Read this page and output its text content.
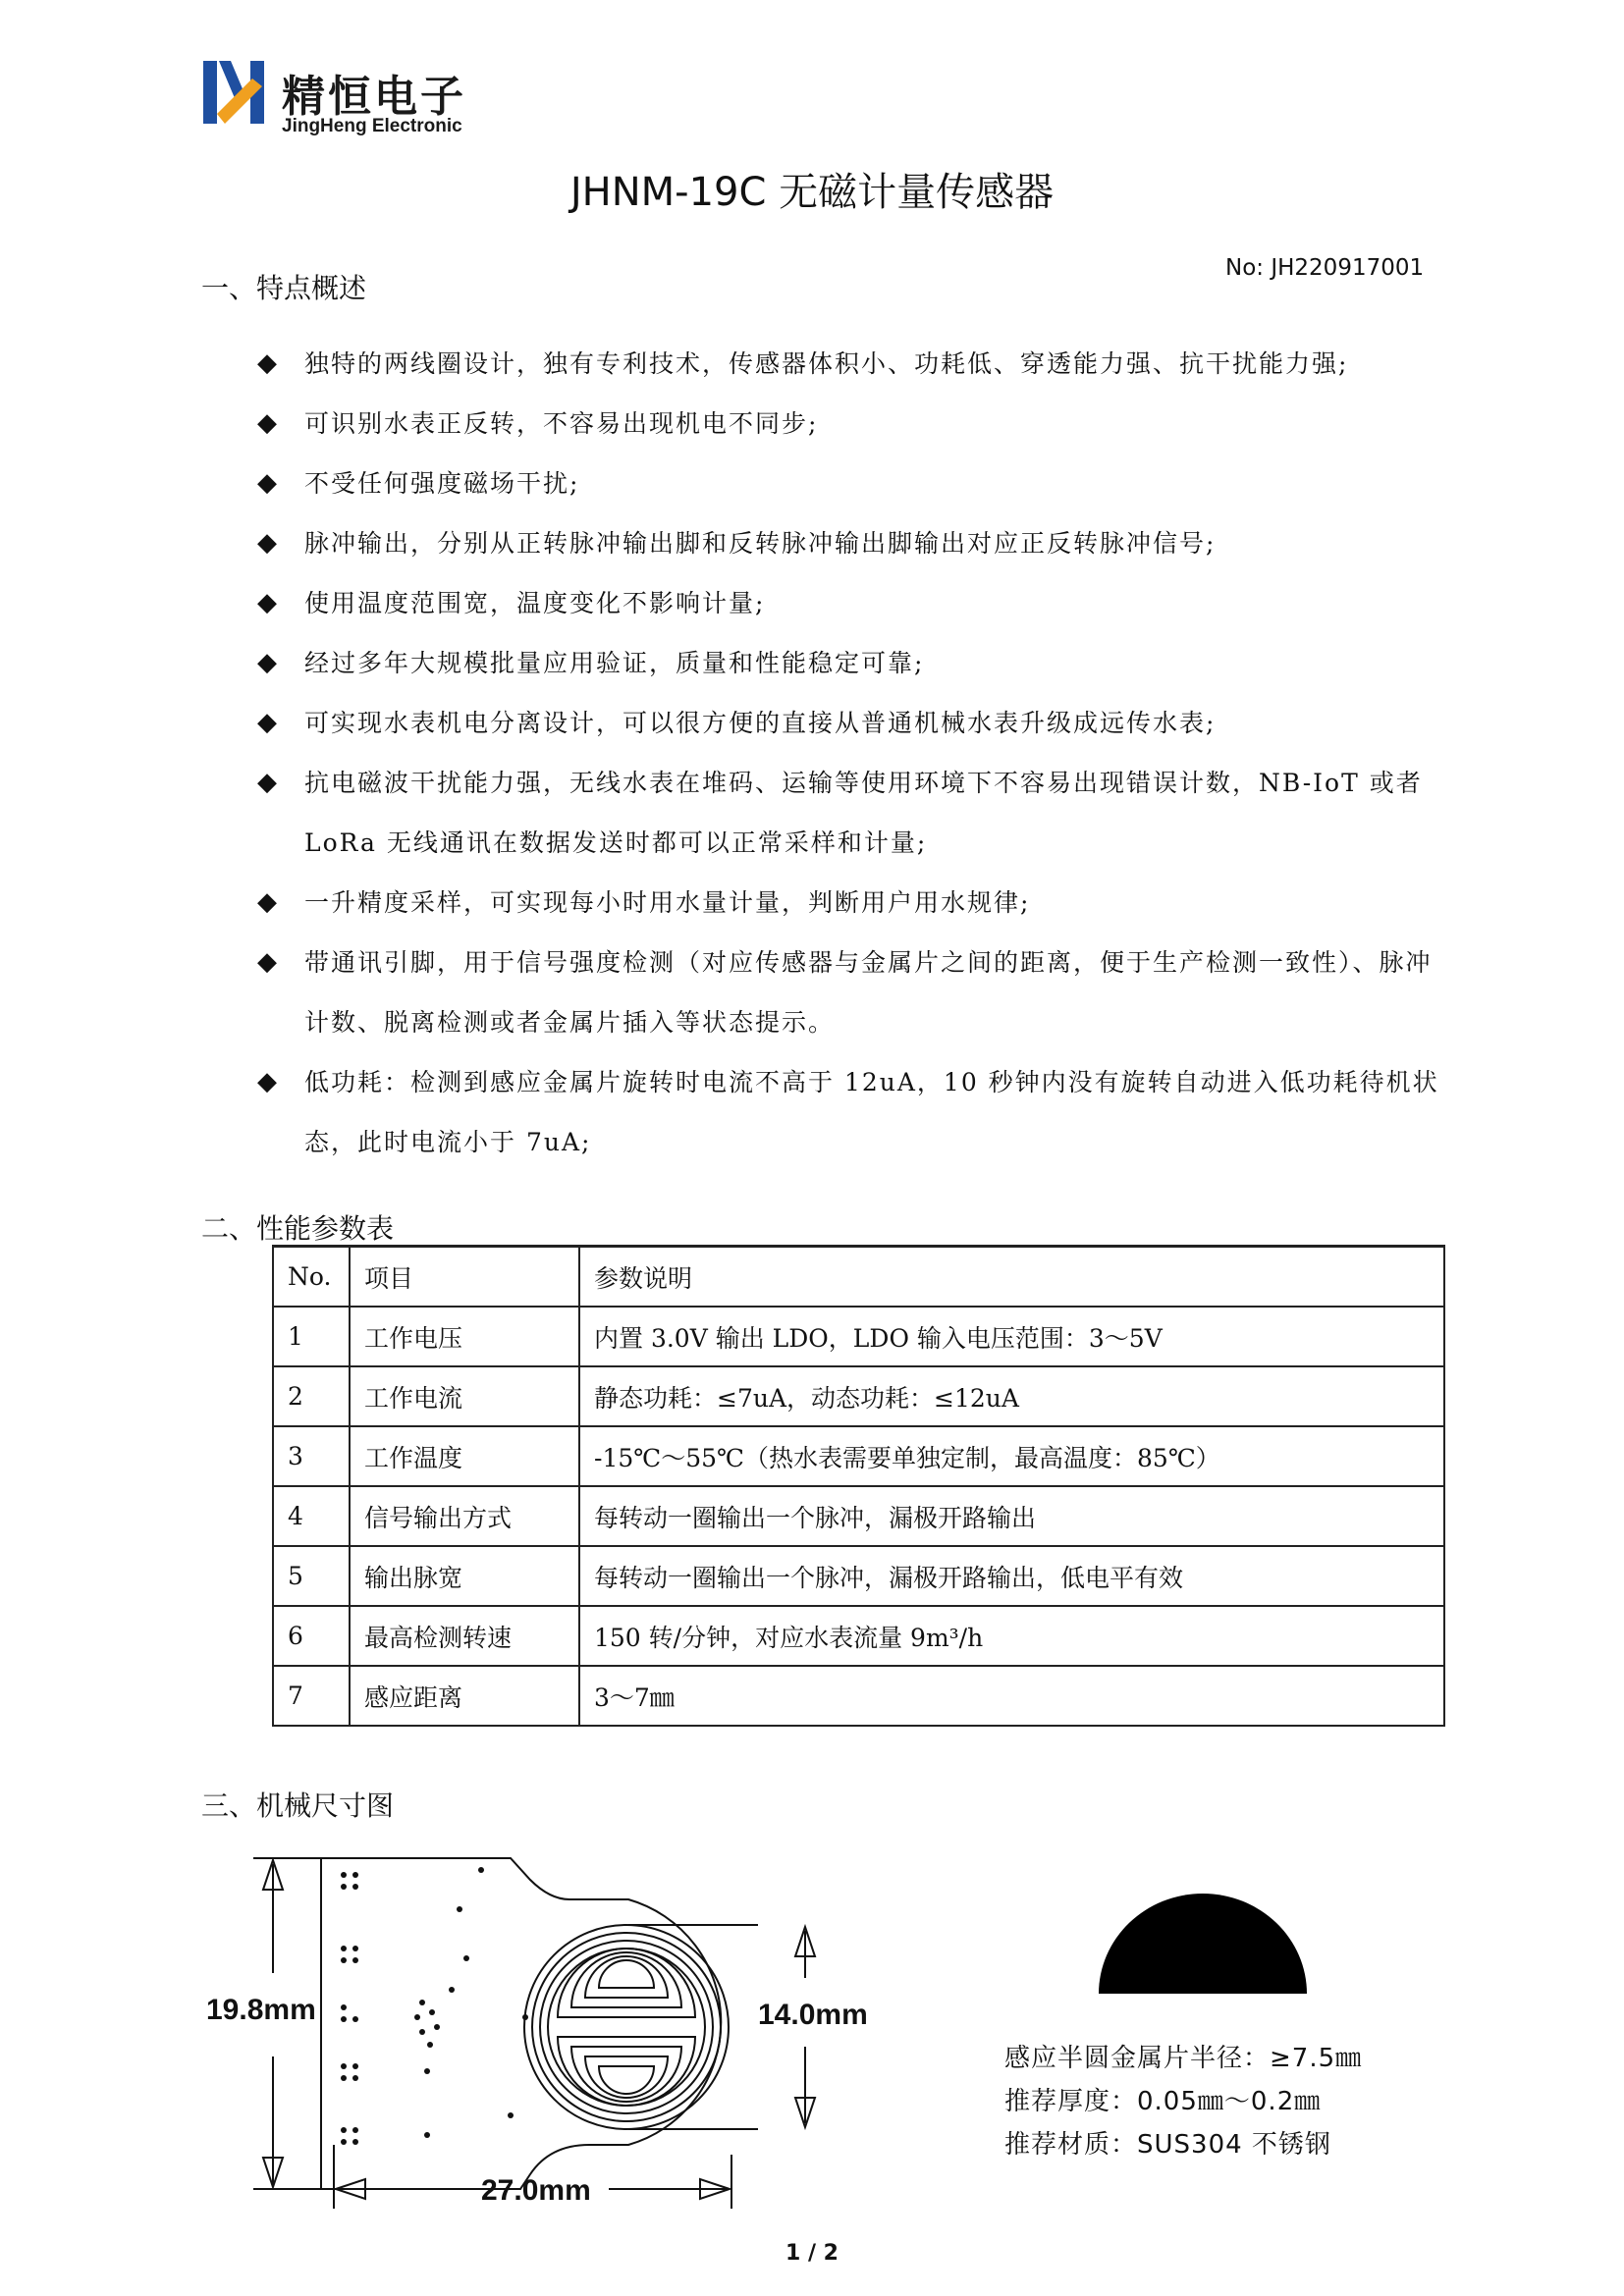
精恒电子
JingHeng Electronic
JHNM-19C 无磁计量传感器
No: JH220917001
一、特点概述
◆ 独特的两线圈设计，独有专利技术，传感器体积小、功耗低、穿透能力强、抗干扰能力强;
◆ 可识别水表正反转，不容易出现机电不同步;
◆ 不受任何强度磁场干扰;
◆ 脉冲输出，分别从正转脉冲输出脚和反转脉冲输出脚输出对应正反转脉冲信号;
◆ 使用温度范围宽，温度变化不影响计量;
◆ 经过多年大规模批量应用验证，质量和性能稳定可靠;
◆ 可实现水表机电分离设计，可以很方便的直接从普通机械水表升级成远传水表;
◆ 抗电磁波干扰能力强，无线水表在堆码、运输等使用环境下不容易出现错误计数，NB-IoT 或者 LoRa 无线通讯在数据发送时都可以正常采样和计量;
◆ 一升精度采样，可实现每小时用水量计量，判断用户用水规律;
◆ 带通讯引脚，用于信号强度检测（对应传感器与金属片之间的距离，便于生产检测一致性）、脉冲计数、脱离检测或者金属片插入等状态提示。
◆ 低功耗：检测到感应金属片旋转时电流不高于 12uA，10 秒钟内没有旋转自动进入低功耗待机状态，此时电流小于 7uA;
二、性能参数表
No.	项目	参数说明
1	工作电压	内置 3.0V 输出 LDO，LDO 输入电压范围：3～5V
2	工作电流	静态功耗：≤7uA，动态功耗：≤12uA
3	工作温度	-15℃～55℃（热水表需要单独定制，最高温度：85℃）
4	信号输出方式	每转动一圈输出一个脉冲，漏极开路输出
5	输出脉宽	每转动一圈输出一个脉冲，漏极开路输出，低电平有效
6	最高检测转速	150 转/分钟，对应水表流量 9m³/h
7	感应距离	3～7㎜
三、机械尺寸图
19.8mm	14.0mm
27.0mm
感应半圆金属片半径：≥7.5㎜
推荐厚度：0.05㎜～0.2㎜
推荐材质：SUS304 不锈钢
1 / 2
